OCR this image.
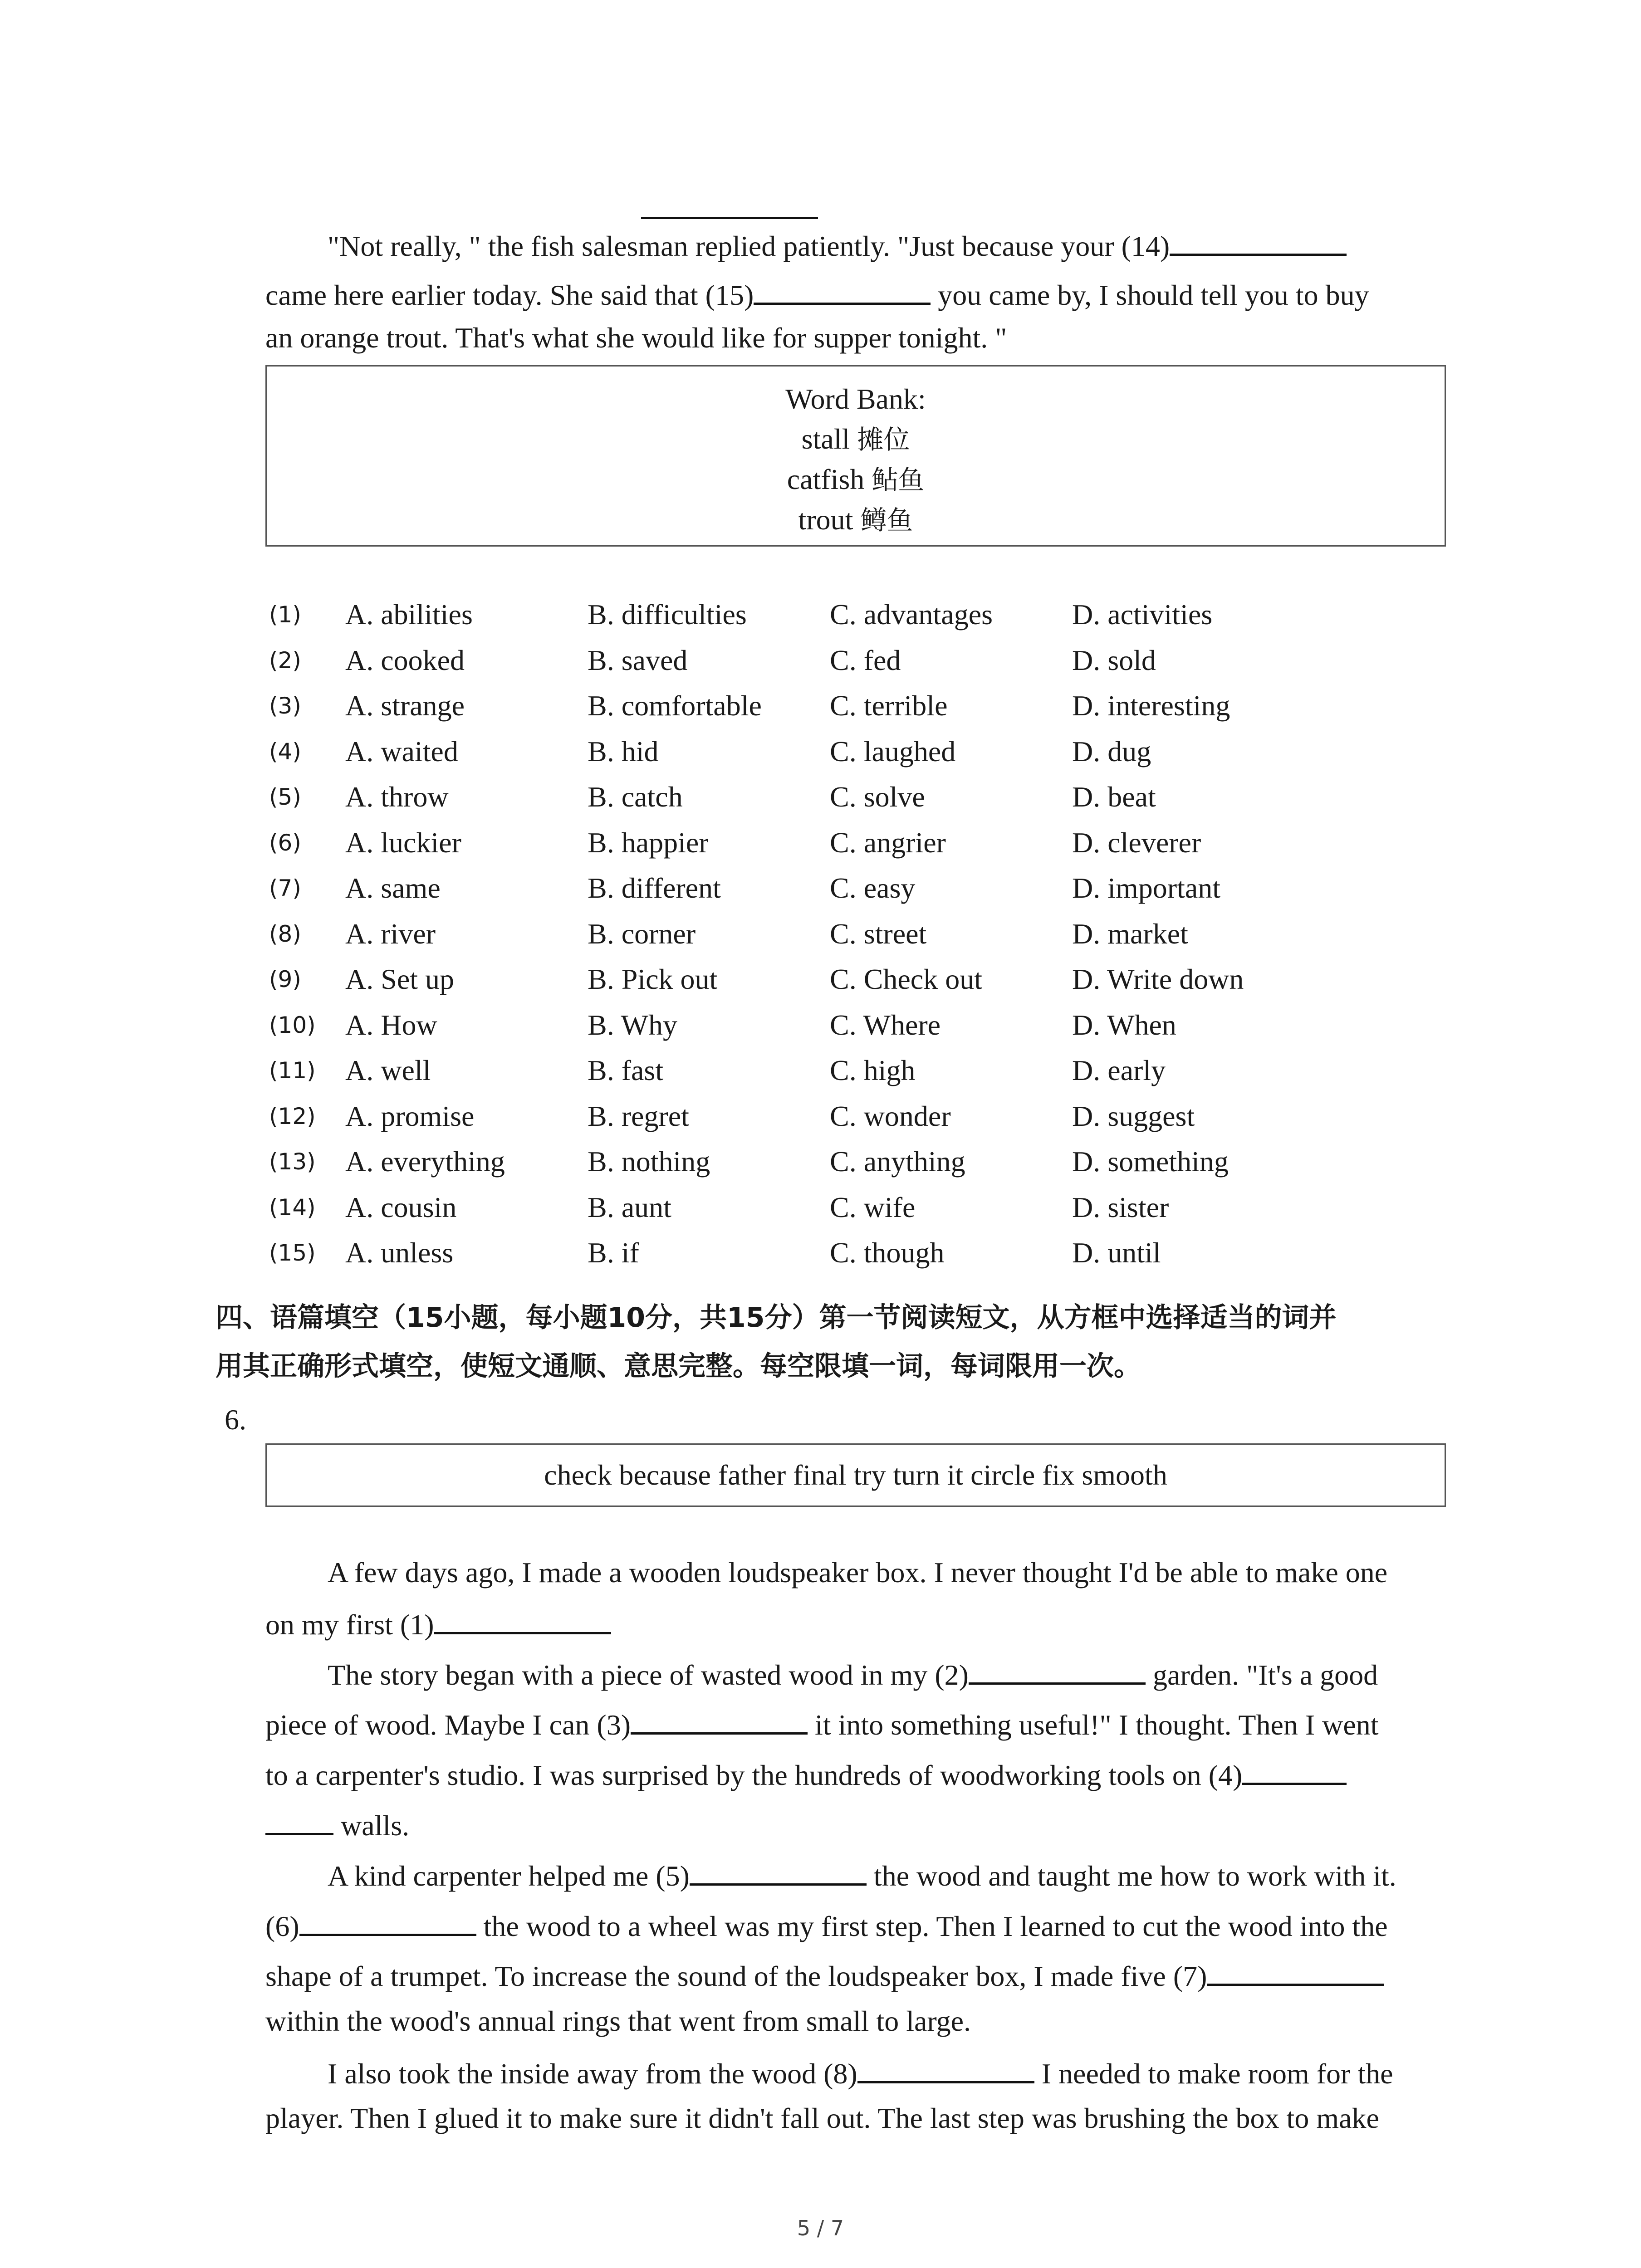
"Not really, " the fish salesman replied patiently. "Just because your (14)
came here earlier today. She said that (15)	you came by, I should tell you to buy
an orange trout. That's what she would like for supper tonight. "
Word Bank:
stall 摊位
catfish 鲇鱼
trout 鳟鱼
(1) A. abilities	B. difficulties	C. advantages	D. activities
(2) A. cooked	B. saved	C. fed	D. sold
(3) A. strange	B. comfortable C. terrible	D. interesting
(4) A. waited	B. hid	C. laughed	D. dug
(5) A. throw	B. catch	C. solve	D. beat
(6) A. luckier	B. happier	C. angrier	D. cleverer
(7) A. same	B. different	C. easy	D. important
(8) A. river	B. corner	C. street	D. market
(9) A. Set up	B. Pick out	C. Check out	D. Write down
(10) A. How	B. Why	C. Where	D. When
(11) A. well	B. fast	C. high	D. early
(12) A. promise	B. regret	C. wonder	D. suggest
(13) A. everything	B. nothing	C. anything	D. something
(14) A. cousin	B. aunt	C. wife	D. sister
(15) A. unless	B. if	C. though	D. until
四、语篇填空（15小题，每小题10分，共15分）第一节阅读短文，从方框中选择适当的词并
用其正确形式填空，使短文通顺、意思完整。每空限填一词，每词限用一次。
6.
check because father final try turn it circle fix smooth
A few days ago, I made a wooden loudspeaker box. I never thought I'd be able to make one
on my first (1)
The story began with a piece of wasted wood in my (2)	garden. "It's a good
piece of wood. Maybe I can (3)	it into something useful!" I thought. Then I went
to a carpenter's studio. I was surprised by the hundreds of woodworking tools on (4)
walls.
A kind carpenter helped me (5)	the wood and taught me how to work with it.
(6)	the wood to a wheel was my first step. Then I learned to cut the wood into the
shape of a trumpet. To increase the sound of the loudspeaker box, I made five (7)
within the wood's annual rings that went from small to large.
I also took the inside away from the wood (8)	I needed to make room for the
player. Then I glued it to make sure it didn't fall out. The last step was brushing the box to make
5 / 7
